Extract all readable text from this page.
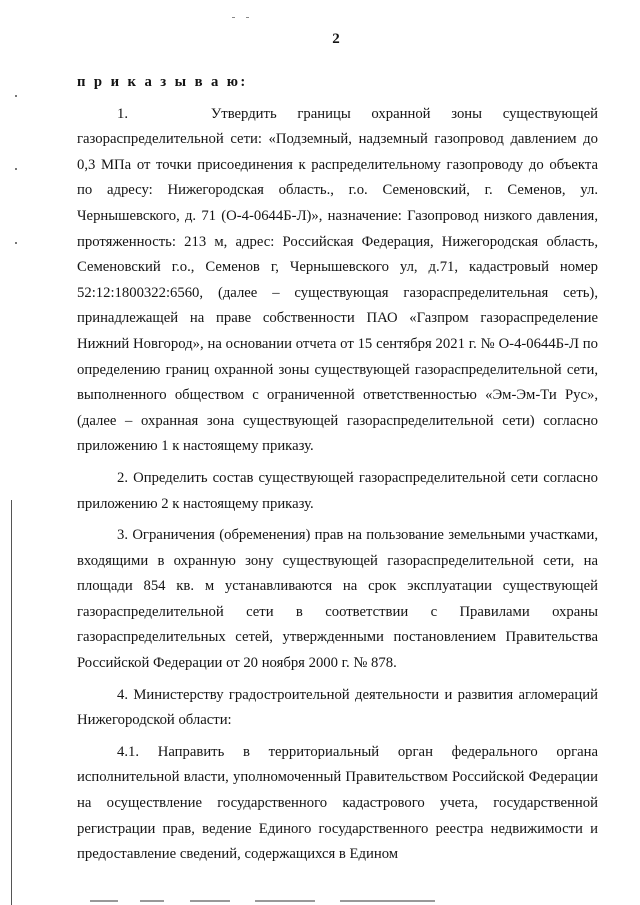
2

п р и к а з ы в а ю:

1.    Утвердить границы охранной зоны существующей газораспределительной сети: «Подземный, надземный газопровод давлением до 0,3 МПа от точки присоединения к распределительному газопроводу до объекта по адресу: Нижегородская область., г.о. Семеновский, г. Семенов, ул. Чернышевского, д. 71 (О-4-0644Б-Л)», назначение: Газопровод низкого давления, протяженность: 213 м, адрес: Российская Федерация, Нижегородская область, Семеновский г.о., Семенов г, Чернышевского ул, д.71, кадастровый номер 52:12:1800322:6560, (далее – существующая газораспределительная сеть), принадлежащей на праве собственности ПАО «Газпром газораспределение Нижний Новгород», на основании отчета от 15 сентября 2021 г. № О-4-0644Б-Л по определению границ охранной зоны существующей газораспределительной сети, выполненного обществом с ограниченной ответственностью «Эм-Эм-Ти Рус», (далее – охранная зона существующей газораспределительной сети) согласно приложению 1 к настоящему приказу.

2. Определить состав существующей газораспределительной сети согласно приложению 2 к настоящему приказу.

3. Ограничения (обременения) прав на пользование земельными участками, входящими в охранную зону существующей газораспределительной сети, на площади 854 кв. м устанавливаются на срок эксплуатации существующей газораспределительной сети в соответствии с Правилами охраны газораспределительных сетей, утвержденными постановлением Правительства Российской Федерации от 20 ноября 2000 г. № 878.

4. Министерству градостроительной деятельности и развития агломераций Нижегородской области:

4.1. Направить в территориальный орган федерального органа исполнительной власти, уполномоченный Правительством Российской Федерации на осуществление государственного кадастрового учета, государственной регистрации прав, ведение Единого государственного реестра недвижимости и предоставление сведений, содержащихся в Едином
